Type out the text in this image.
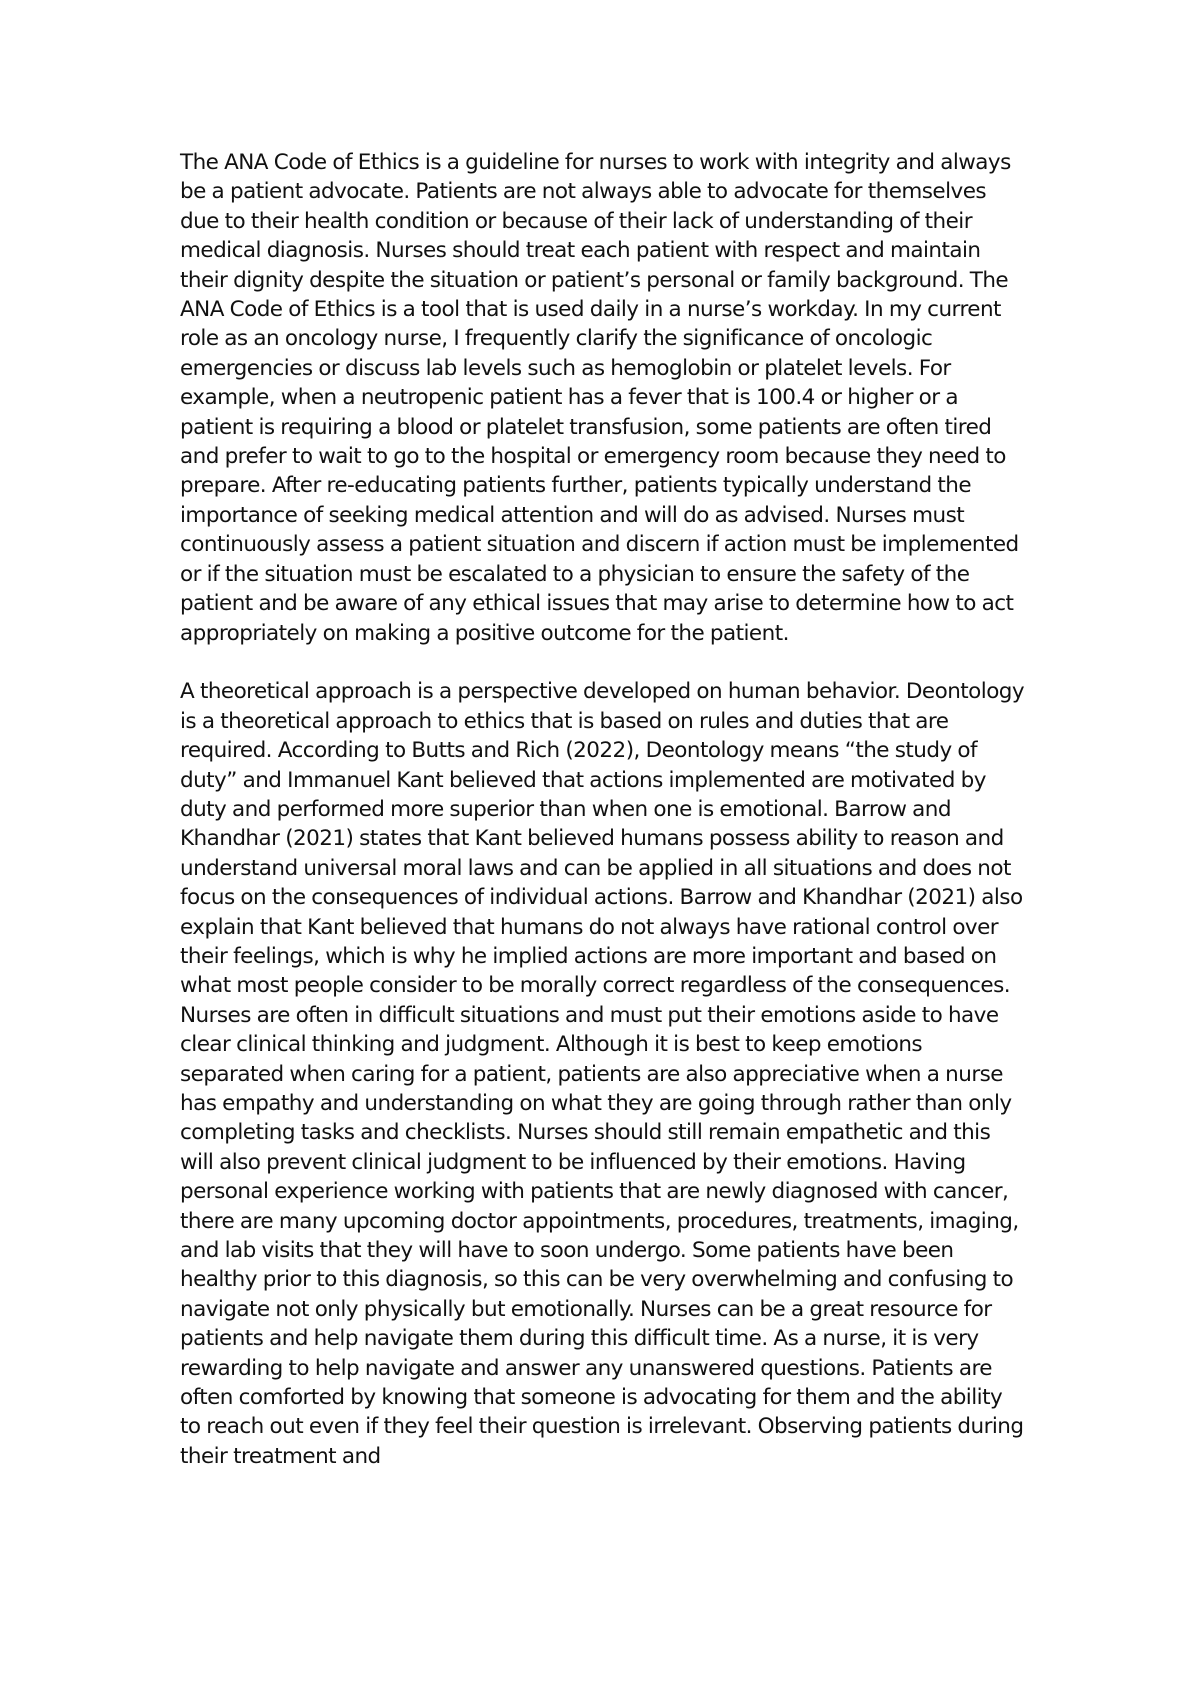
The ANA Code of Ethics is a guideline for nurses to work with integrity and always be a patient advocate. Patients are not always able to advocate for themselves due to their health condition or because of their lack of understanding of their medical diagnosis. Nurses should treat each patient with respect and maintain their dignity despite the situation or patient’s personal or family background. The ANA Code of Ethics is a tool that is used daily in a nurse’s workday. In my current role as an oncology nurse, I frequently clarify the significance of oncologic emergencies or discuss lab levels such as hemoglobin or platelet levels. For example, when a neutropenic patient has a fever that is 100.4 or higher or a patient is requiring a blood or platelet transfusion, some patients are often tired and prefer to wait to go to the hospital or emergency room because they need to prepare. After re-educating patients further, patients typically understand the importance of seeking medical attention and will do as advised. Nurses must continuously assess a patient situation and discern if action must be implemented or if the situation must be escalated to a physician to ensure the safety of the patient and be aware of any ethical issues that may arise to determine how to act appropriately on making a positive outcome for the patient.

A theoretical approach is a perspective developed on human behavior. Deontology is a theoretical approach to ethics that is based on rules and duties that are required. According to Butts and Rich (2022), Deontology means “the study of duty” and Immanuel Kant believed that actions implemented are motivated by duty and performed more superior than when one is emotional. Barrow and Khandhar (2021) states that Kant believed humans possess ability to reason and understand universal moral laws and can be applied in all situations and does not focus on the consequences of individual actions. Barrow and Khandhar (2021) also explain that Kant believed that humans do not always have rational control over their feelings, which is why he implied actions are more important and based on what most people consider to be morally correct regardless of the consequences. Nurses are often in difficult situations and must put their emotions aside to have clear clinical thinking and judgment. Although it is best to keep emotions separated when caring for a patient, patients are also appreciative when a nurse has empathy and understanding on what they are going through rather than only completing tasks and checklists. Nurses should still remain empathetic and this will also prevent clinical judgment to be influenced by their emotions. Having personal experience working with patients that are newly diagnosed with cancer, there are many upcoming doctor appointments, procedures, treatments, imaging, and lab visits that they will have to soon undergo. Some patients have been healthy prior to this diagnosis, so this can be very overwhelming and confusing to navigate not only physically but emotionally. Nurses can be a great resource for patients and help navigate them during this difficult time. As a nurse, it is very rewarding to help navigate and answer any unanswered questions. Patients are often comforted by knowing that someone is advocating for them and the ability to reach out even if they feel their question is irrelevant. Observing patients during their treatment and
